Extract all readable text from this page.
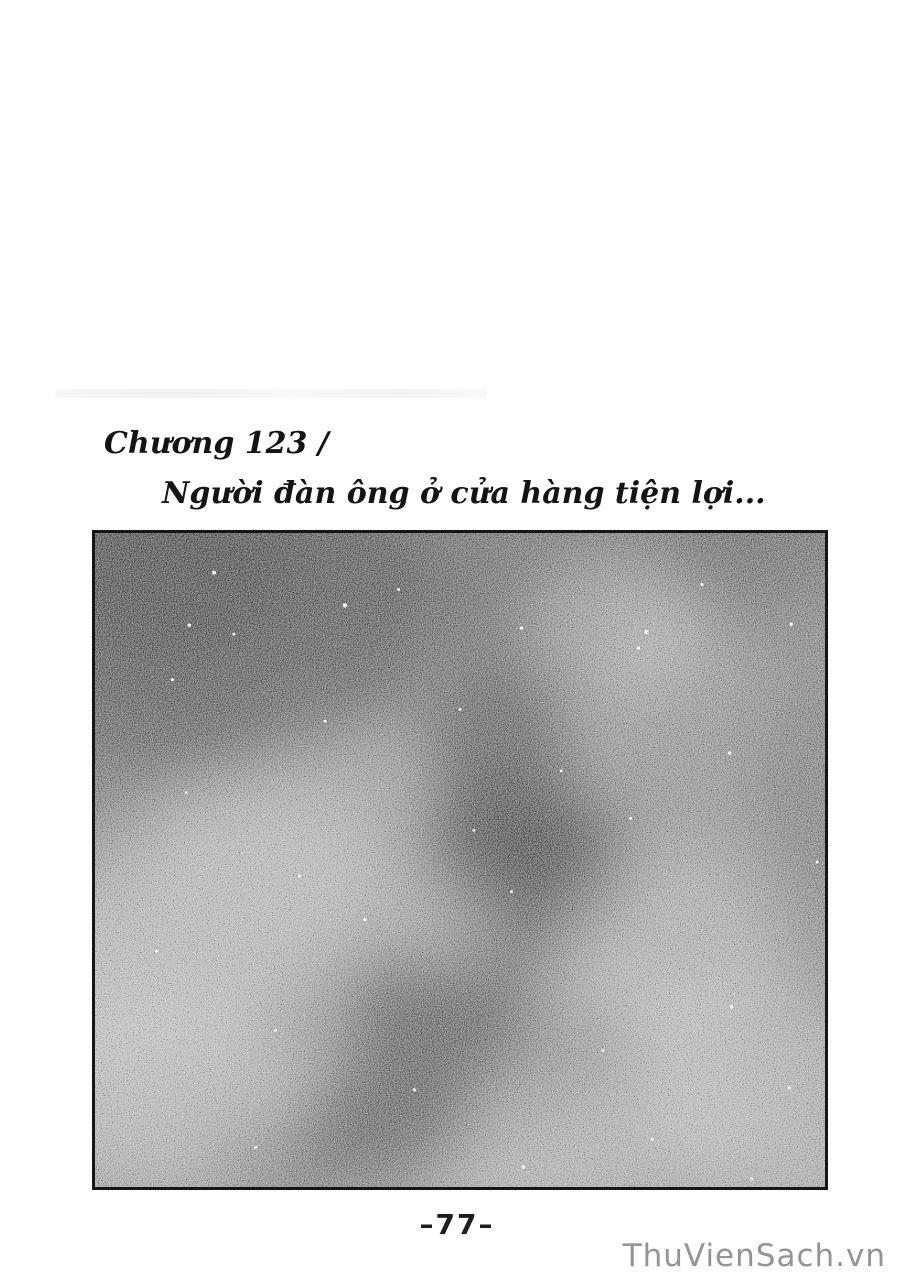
Chương 123 /
Người đàn ông ở cửa hàng tiện lợi...
–77–
ThuVienSach.vn
